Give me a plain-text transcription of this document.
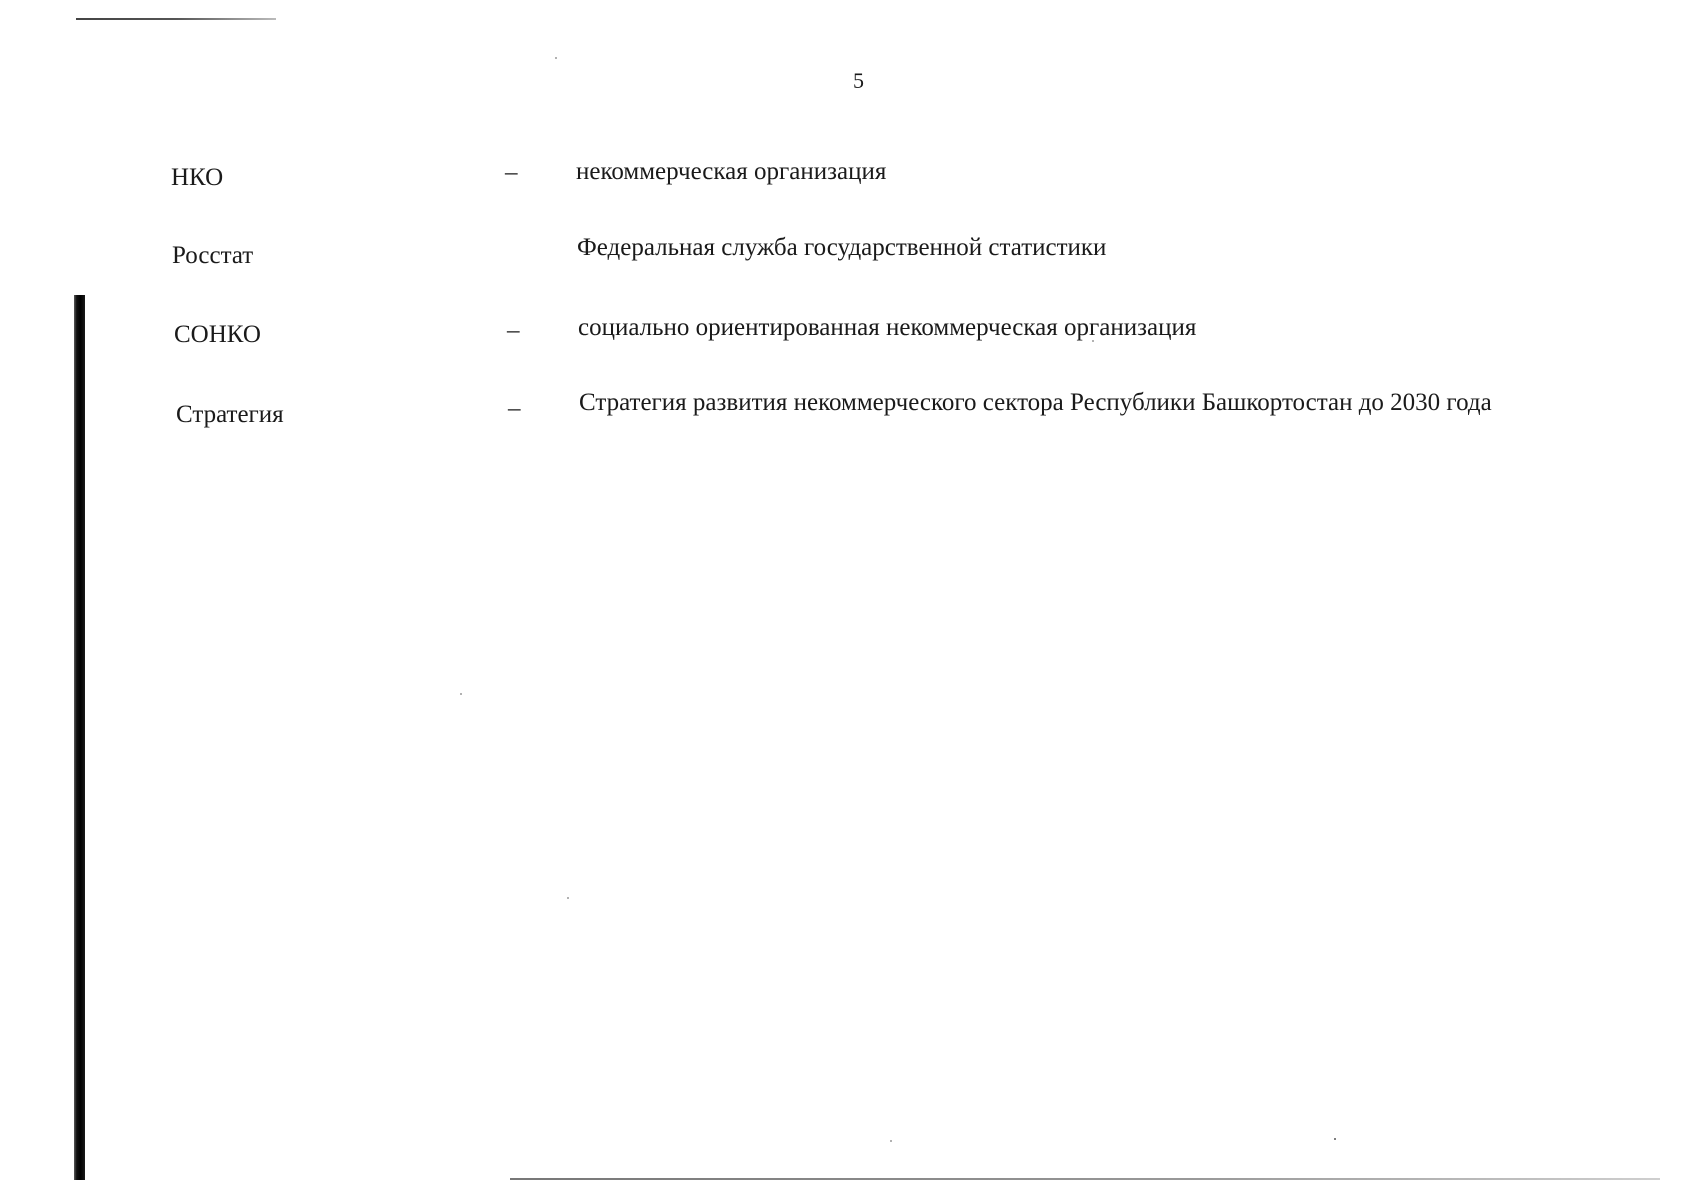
5
НКО	– некоммерческая организация
Росстат	Федеральная служба государственной статистики
СОНКО	– социально ориентированная некоммерческая организация
Стратегия	– Стратегия развития некоммерческого сектора Республики Башкортостан до 2030 года
